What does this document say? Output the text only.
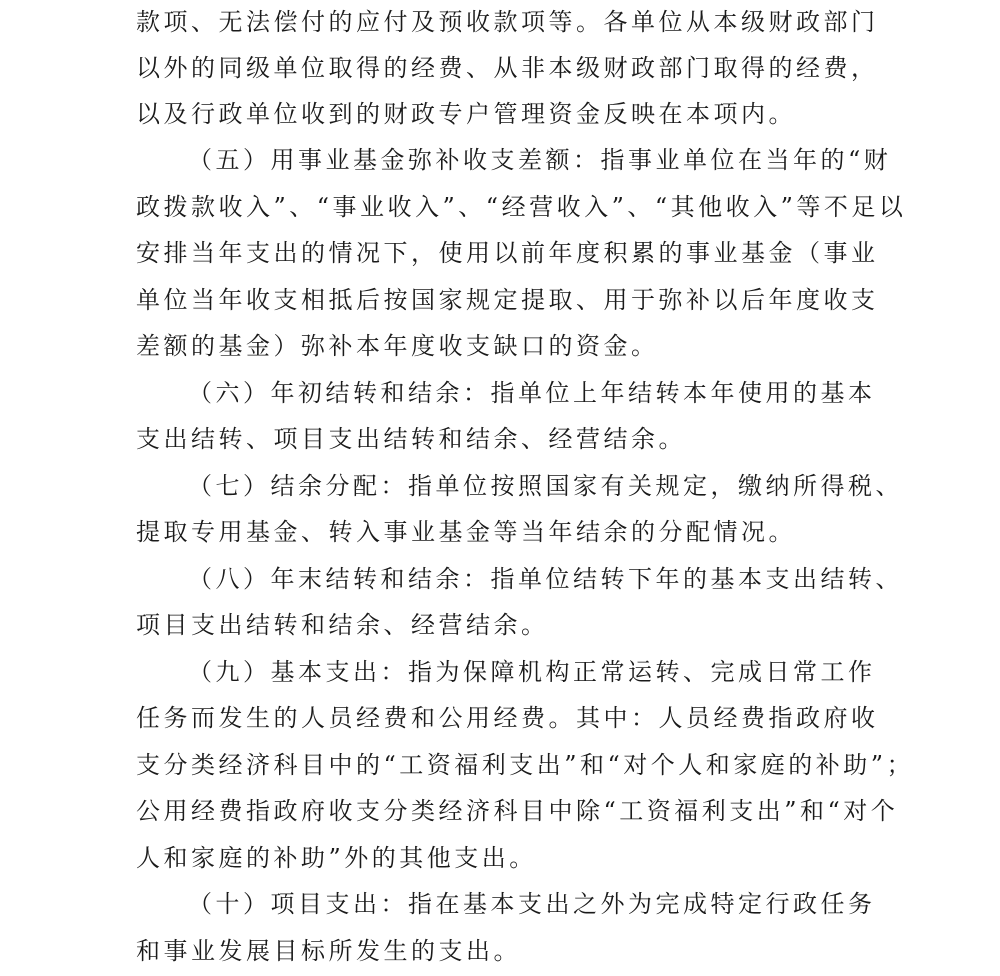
款项、无法偿付的应付及预收款项等。各单位从本级财政部门
以外的同级单位取得的经费、从非本级财政部门取得的经费，
以及行政单位收到的财政专户管理资金反映在本项内。
（五）用事业基金弥补收支差额：指事业单位在当年的“财
政拨款收入”、“事业收入”、“经营收入”、“其他收入”等不足以
安排当年支出的情况下，使用以前年度积累的事业基金（事业
单位当年收支相抵后按国家规定提取、用于弥补以后年度收支
差额的基金）弥补本年度收支缺口的资金。
（六）年初结转和结余：指单位上年结转本年使用的基本
支出结转、项目支出结转和结余、经营结余。
（七）结余分配：指单位按照国家有关规定，缴纳所得税、
提取专用基金、转入事业基金等当年结余的分配情况。
（八）年末结转和结余：指单位结转下年的基本支出结转、
项目支出结转和结余、经营结余。
（九）基本支出：指为保障机构正常运转、完成日常工作
任务而发生的人员经费和公用经费。其中：人员经费指政府收
支分类经济科目中的“工资福利支出”和“对个人和家庭的补助”；
公用经费指政府收支分类经济科目中除“工资福利支出”和“对个
人和家庭的补助”外的其他支出。
（十）项目支出：指在基本支出之外为完成特定行政任务
和事业发展目标所发生的支出。
